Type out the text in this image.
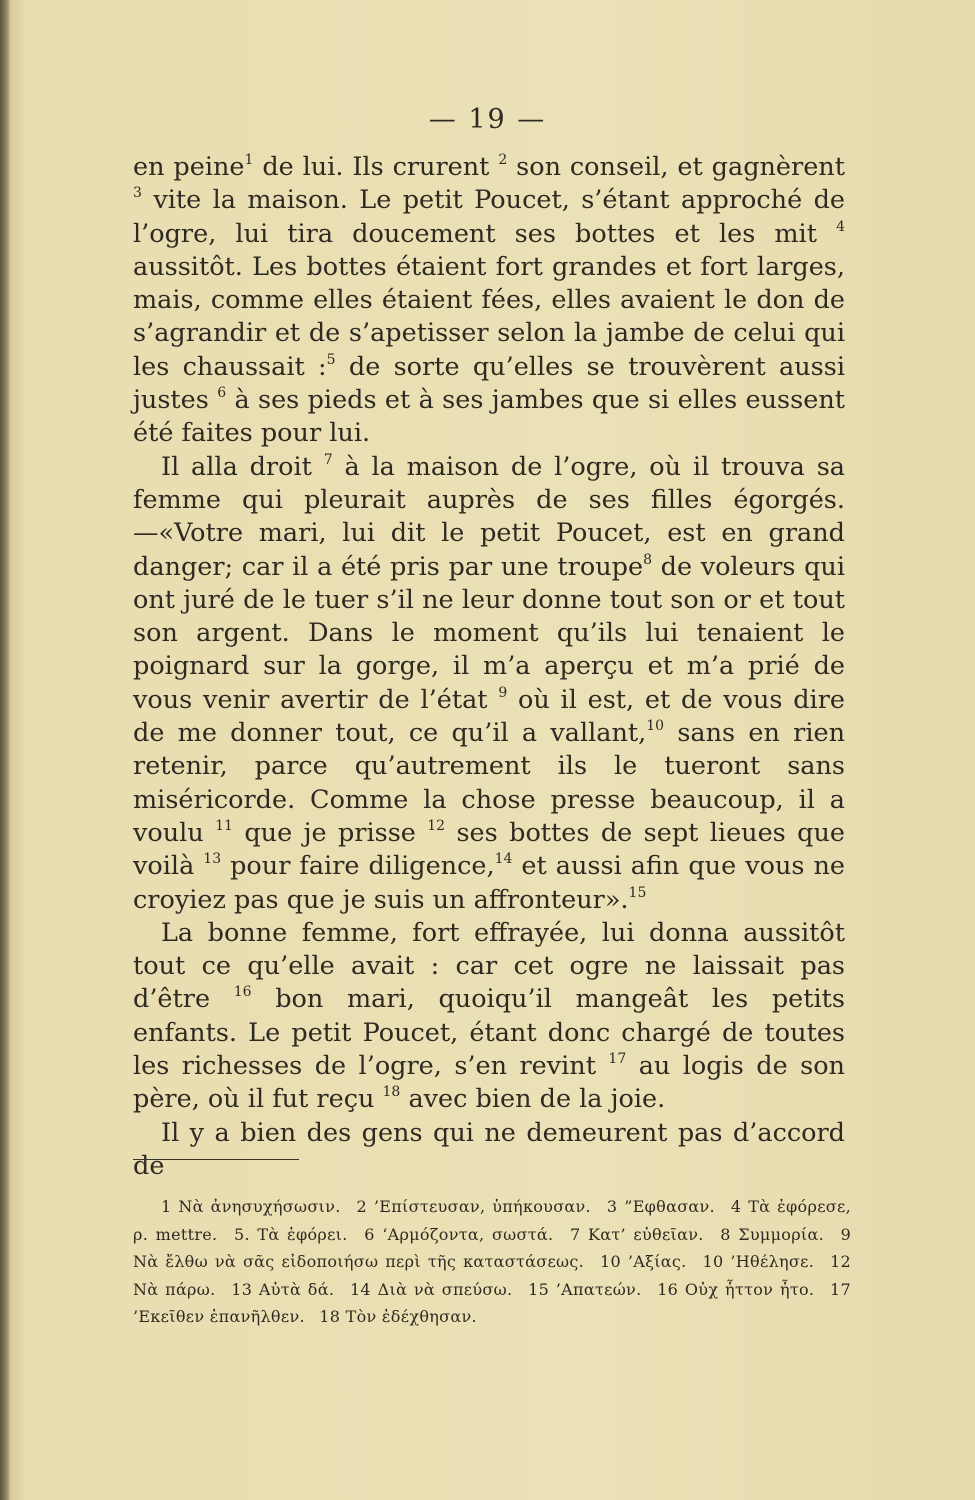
— 19 —

en peine$^1$ de lui. Ils crurent $^2$ son conseil, et gagnèrent $^3$ vite la maison. Le petit Poucet, s’étant approché de l’ogre, lui tira doucement ses bottes et les mit $^4$ aussitôt. Les bottes étaient fort grandes et fort larges, mais, comme elles étaient fées, elles avaient le don de s’agrandir et de s’apetisser selon la jambe de celui qui les chaussait :$^5$ de sorte qu’elles se trouvèrent aussi justes $^6$ à ses pieds et à ses jambes que si elles eussent été faites pour lui.

Il alla droit $^7$ à la maison de l’ogre, où il trouva sa femme qui pleurait auprès de ses filles égorgés.—«Votre mari, lui dit le petit Poucet, est en grand danger; car il a été pris par une troupe$^8$ de voleurs qui ont juré de le tuer s’il ne leur donne tout son or et tout son argent. Dans le moment qu’ils lui tenaient le poignard sur la gorge, il m’a aperçu et m’a prié de vous venir avertir de l’état $^9$ où il est, et de vous dire de me donner tout, ce qu’il a vallant,$^{10}$ sans en rien retenir, parce qu’autrement ils le tueront sans miséricorde. Comme la chose presse beaucoup, il a voulu $^{11}$ que je prisse $^{12}$ ses bottes de sept lieues que voilà $^{13}$ pour faire diligence,$^{14}$ et aussi afin que vous ne croyiez pas que je suis un affronteur».$^{15}$

La bonne femme, fort effrayée, lui donna aussitôt tout ce qu’elle avait : car cet ogre ne laissait pas d’être $^{16}$ bon mari, quoiqu’il mangeât les petits enfants. Le petit Poucet, étant donc chargé de toutes les richesses de l’ogre, s’en revint $^{17}$ au logis de son père, où il fut reçu $^{18}$ avec bien de la joie.

Il y a bien des gens qui ne demeurent pas d’accord de

1 Νὰ ἀνησυχήσωσιν. 2 ’Επίστευσαν, ὑπήκουσαν. 3 ”Εφθασαν. 4 Τὰ ἐφόρεσε, ρ. mettre. 5. Τὰ ἐφόρει. 6 ‘Αρμόζοντα, σωστά. 7 Κατ’ εὐθεῖαν. 8 Συμμορία. 9 Νὰ ἔλθω νὰ σᾶς εἰδοποιήσω περὶ τῆς καταστάσεως. 10 ’Αξίας. 10 ’Ηθέλησε. 12 Νὰ πάρω. 13 Αὐτὰ δά. 14 Διὰ νὰ σπεύσω. 15 ’Απατεών. 16 Οὐχ ἧττον ἦτο. 17 ’Εκεῖθεν ἐπανῆλθεν. 18 Τὸν ἐδέχθησαν.
